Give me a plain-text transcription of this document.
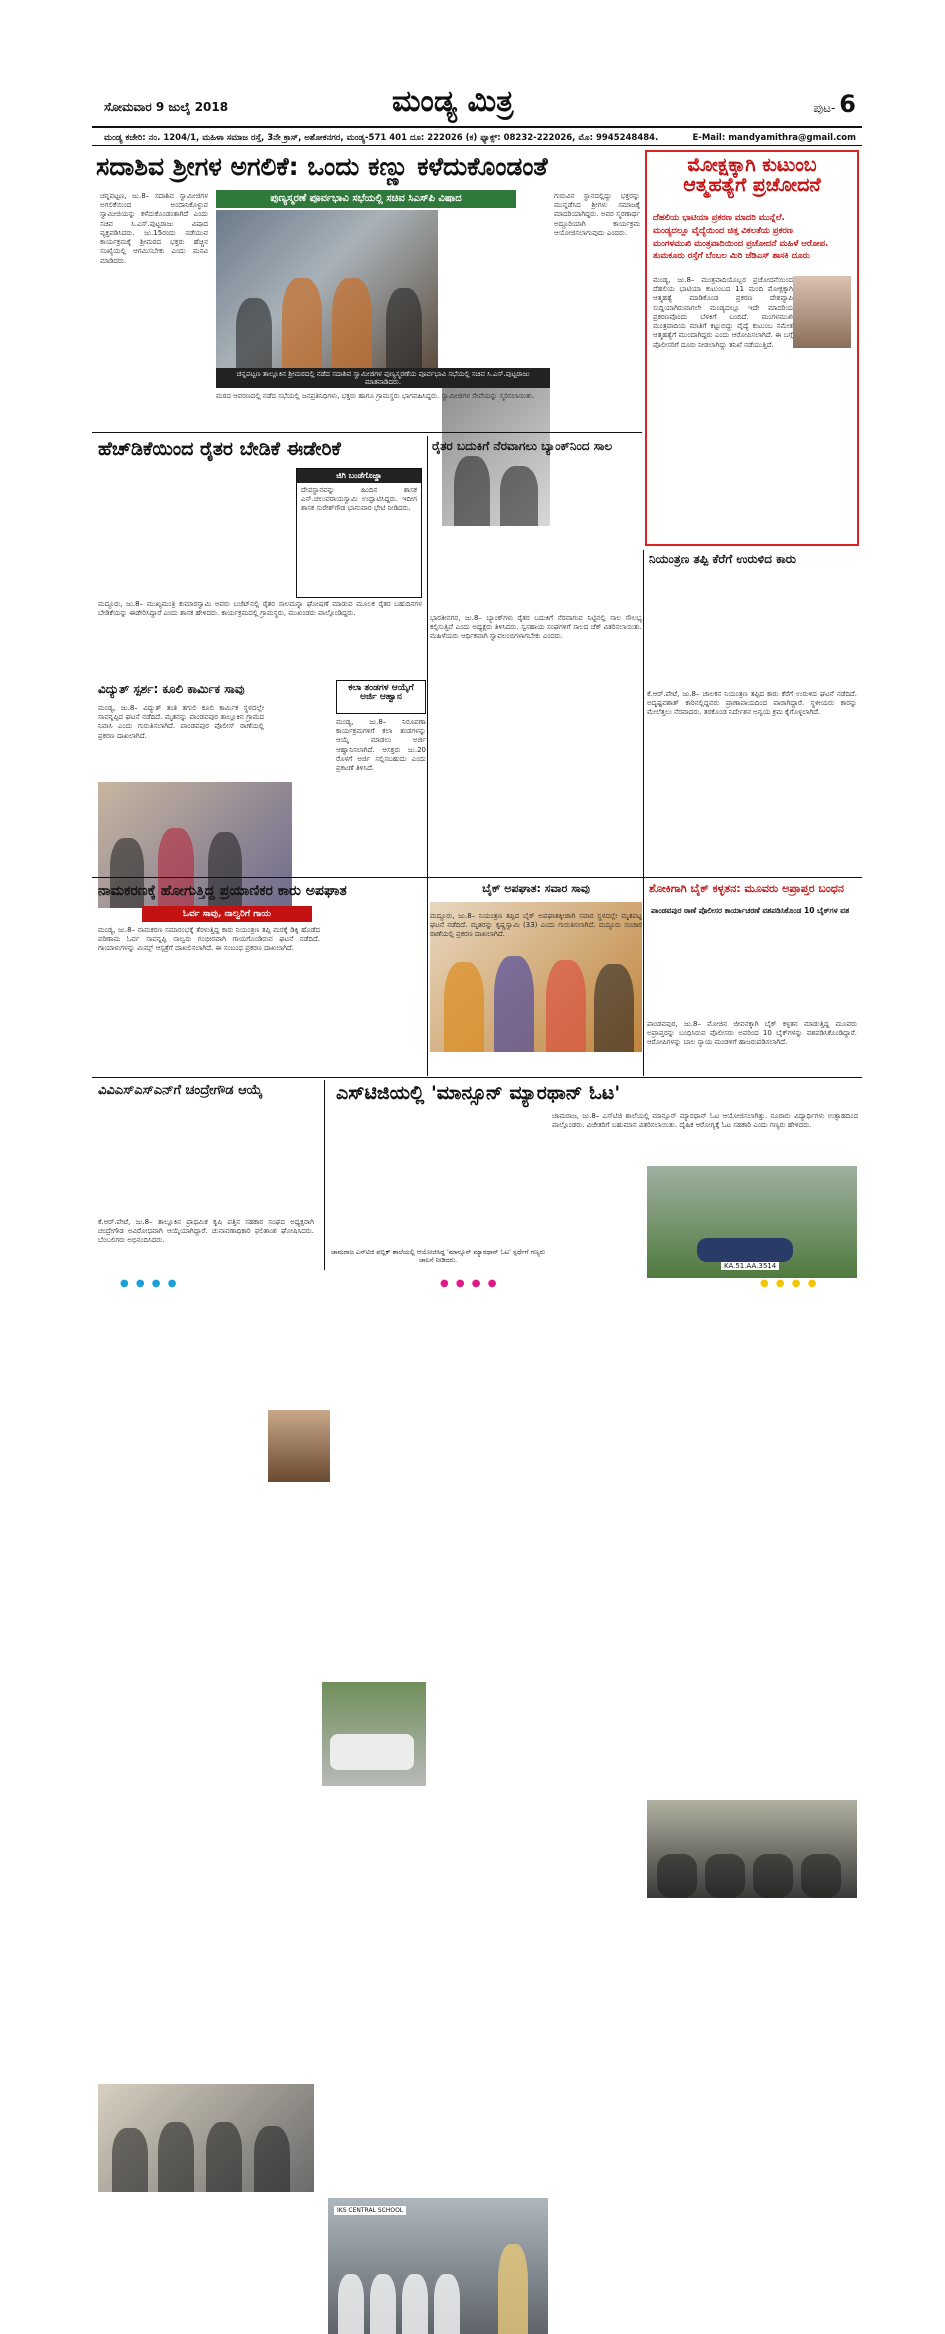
ಸೋಮವಾರ 9 ಜುಲೈ 2018	ಮಂಡ್ಯ ಮಿತ್ರ	ಪುಟ- 6
ಮಂಡ್ಯ ಕಚೇರಿ: ನಂ. 1204/1, ಮಹಿಳಾ ಸಮಾಜ ರಸ್ತೆ, 3ನೇ ಕ್ರಾಸ್, ಅಶೋಕನಗರ, ಮಂಡ್ಯ-571 401 ದೂ: 222026 (ಕ) ಫ್ಯಾಕ್ಸ್: 08232-222026, ಮೊ: 9945248484.	E-Mail: mandyamithra@gmail.com
ಸದಾಶಿವ ಶ್ರೀಗಳ ಅಗಲಿಕೆ: ಒಂದು ಕಣ್ಣು ಕಳೆದುಕೊಂಡಂತೆ
ಪುಣ್ಯಸ್ಮರಣೆ ಪೂರ್ವಭಾವಿ ಸಭೆಯಲ್ಲಿ ಸಚಿವ ಸಿಎಸ್‌ಪಿ ವಿಷಾದ
ಚನ್ನಪಟ್ಟಣ, ಜು.8– ಸದಾಶಿವ ಸ್ವಾಮೀಜಿಗಳ ಅಗಲಿಕೆಯಿಂದ ಅಂದಾನಿಕೊಳ್ಳುವ ಸ್ವಾಮೀಜಿಯನ್ನು ಕಳೆದುಕೊಂಡಂತಾಗಿದೆ ಎಂದು ಸಚಿವ ಸಿ.ಎಸ್.ಪುಟ್ಟರಾಜು ವಿಷಾದ ವ್ಯಕ್ತಪಡಿಸಿದರು. ಜು.15ರಂದು ನಡೆಯುವ ಕಾರ್ಯಕ್ರಮಕ್ಕೆ ಶ್ರೀಮಠದ ಭಕ್ತರು ಹೆಚ್ಚಿನ ಸಂಖ್ಯೆಯಲ್ಲಿ ಆಗಮಿಸಬೇಕು ಎಂದು ಮನವಿ ಮಾಡಿದರು.
ಚನ್ನಪಟ್ಟಣ ತಾಲ್ಲೂಕಿನ ಶ್ರೀಮಠದಲ್ಲಿ ನಡೆದ ಸದಾಶಿವ ಸ್ವಾಮೀಜಿಗಳ ಪುಣ್ಯಸ್ಮರಣೆಯ ಪೂರ್ವಭಾವಿ ಸಭೆಯಲ್ಲಿ ಸಚಿವ ಸಿ.ಎಸ್.ಪುಟ್ಟರಾಜು ಮಾತನಾಡಿದರು.
ಮಠದ ಆವರಣದಲ್ಲಿ ನಡೆದ ಸಭೆಯಲ್ಲಿ ಜನಪ್ರತಿನಿಧಿಗಳು, ಭಕ್ತರು ಹಾಗೂ ಗ್ರಾಮಸ್ಥರು ಭಾಗವಹಿಸಿದ್ದರು. ಸ್ವಾಮೀಜಿಗಳ ಸೇವೆಯನ್ನು ಸ್ಮರಿಸಲಾಯಿತು.
ಗುರುವಿನ ಸ್ಥಾನದಲ್ಲಿದ್ದು ಭಕ್ತರನ್ನು ಮುನ್ನಡೆಸಿದ ಶ್ರೀಗಳು ಸಮಾಜಕ್ಕೆ ಮಾದರಿಯಾಗಿದ್ದರು. ಅವರ ಸ್ಮರಣಾರ್ಥ ಅದ್ದೂರಿಯಾಗಿ ಕಾರ್ಯಕ್ರಮ ಆಯೋಜಿಸಲಾಗುವುದು ಎಂದರು.
ಮೋಕ್ಷಕ್ಕಾಗಿ ಕುಟುಂಬ ಆತ್ಮಹತ್ಯೆಗೆ ಪ್ರಚೋದನೆ
ದೆಹಲಿಯ ಭಾಟಿಯಾ ಪ್ರಕರಣ ಮಾದರಿ ಮುನ್ನೆಲೆ.
ಮಂಡ್ಯದಲ್ಲೂ ವೈದ್ಯೆಯಿಂದ ಚಿತ್ತ ವಿಕಲತೆಯ ಪ್ರಕರಣ
ಮಂಗಳಮುಖಿ ಮಂತ್ರವಾದಿಯಿಂದ ಪ್ರಚೋದನೆ ಮಹಿಳೆ ಆರೋಪ.
ತುಮಕೂರು ರಸ್ತೆಗೆ ಬೆಂಬಲ ಮಿರಿ ಜೆಡಿಎಸ್ ಶಾಸಕಿ ದೂರು
ಮಂಡ್ಯ, ಜು.8– ಮಂತ್ರವಾದಿಯೊಬ್ಬರ ಪ್ರಚೋದನೆಯಿಂದ ದೆಹಲಿಯ ಭಾಟಿಯಾ ಕುಟುಂಬದ 11 ಮಂದಿ ಮೋಕ್ಷಕ್ಕಾಗಿ ಆತ್ಮಹತ್ಯೆ ಮಾಡಿಕೊಂಡ ಪ್ರಕರಣ ದೇಶವ್ಯಾಪಿ ಸುದ್ದಿಯಾಗಿರುವಾಗಲೇ ಮಂಡ್ಯದಲ್ಲೂ ಇದೇ ಮಾದರಿಯ ಪ್ರಕರಣವೊಂದು ಬೆಳಕಿಗೆ ಬಂದಿದೆ. ಮಂಗಳಮುಖಿ ಮಂತ್ರವಾದಿಯ ಮಾತಿಗೆ ಕಟ್ಟುಬಿದ್ದು ವೈದ್ಯೆ ಕುಟುಂಬ ಸಮೇತ ಆತ್ಮಹತ್ಯೆಗೆ ಮುಂದಾಗಿದ್ದರು ಎಂದು ಆರೋಪಿಸಲಾಗಿದೆ. ಈ ಬಗ್ಗೆ ಪೊಲೀಸರಿಗೆ ದೂರು ನೀಡಲಾಗಿದ್ದು ತನಿಖೆ ನಡೆಯುತ್ತಿದೆ.
ಹೆಚ್‌ಡಿಕೆಯಿಂದ ರೈತರ ಬೇಡಿಕೆ ಈಡೇರಿಕೆ
ಜಿಗಿ ಬಂಡೆಗೊಜ್ಡಾ
ದೇವಸ್ಥಾನವನ್ನು ಹಿಂದಿನ ಶಾಸಕ ಎನ್.ಚಲುವರಾಯಸ್ವಾಮಿ ಉದ್ಘಾಟಿಸಿದ್ದರು. ಇದೀಗ ಶಾಸಕ ಸುರೇಶ್‌ಗೌಡ ಭಾನುವಾರ ಭೇಟಿ ನೀಡಿದರು.
ಮದ್ದೂರು, ಜು.8– ಮುಖ್ಯಮಂತ್ರಿ ಕುಮಾರಸ್ವಾಮಿ ಅವರು ಬಜೆಟ್‌ನಲ್ಲಿ ರೈತರ ಸಾಲಮನ್ನಾ ಘೋಷಣೆ ಮಾಡುವ ಮೂಲಕ ರೈತರ ಬಹುದಿನಗಳ ಬೇಡಿಕೆಯನ್ನು ಈಡೇರಿಸಿದ್ದಾರೆ ಎಂದು ಶಾಸಕ ಹೇಳಿದರು. ಕಾರ್ಯಕ್ರಮದಲ್ಲಿ ಗ್ರಾಮಸ್ಥರು, ಮುಖಂಡರು ಪಾಲ್ಗೊಂಡಿದ್ದರು.
ರೈತರ ಬದುಕಿಗೆ ನೆರವಾಗಲು ಬ್ಯಾಂಕ್‌ನಿಂದ ಸಾಲ
ಭಾರತೀನಗರ, ಜು.8– ಬ್ಯಾಂಕ್‌ಗಳು ರೈತರ ಬದುಕಿಗೆ ನೆರವಾಗುವ ನಿಟ್ಟಿನಲ್ಲಿ ಸಾಲ ಸೌಲಭ್ಯ ಕಲ್ಪಿಸುತ್ತಿವೆ ಎಂದು ಅಧ್ಯಕ್ಷರು ತಿಳಿಸಿದರು. ಸ್ವಸಹಾಯ ಸಂಘಗಳಿಗೆ ಸಾಲದ ಚೆಕ್‌ ವಿತರಿಸಲಾಯಿತು. ಮಹಿಳೆಯರು ಆರ್ಥಿಕವಾಗಿ ಸ್ವಾವಲಂಬಿಗಳಾಗಬೇಕು ಎಂದರು.
ನಿಯಂತ್ರಣ ತಪ್ಪಿ ಕೆರೆಗೆ ಉರುಳಿದ ಕಾರು
KA.51.AA.3514
ಕೆ.ಆರ್.ಪೇಟೆ, ಜು.8– ಚಾಲಕನ ನಿಯಂತ್ರಣ ತಪ್ಪಿದ ಕಾರು ಕೆರೆಗೆ ಉರುಳಿದ ಘಟನೆ ನಡೆದಿದೆ. ಅದೃಷ್ಟವಶಾತ್ ಕಾರಿನಲ್ಲಿದ್ದವರು ಪ್ರಾಣಾಪಾಯದಿಂದ ಪಾರಾಗಿದ್ದಾರೆ. ಸ್ಥಳೀಯರು ಕಾರನ್ನು ಮೇಲೆತ್ತಲು ನೆರವಾದರು. ತರಕೊಂಡ ನಿರ್ದೇಶನ ಅನ್ವಯ ಕ್ರಮ ಕೈಗೊಳ್ಳಲಾಗಿದೆ.
ವಿದ್ಯುತ್ ಸ್ಪರ್ಶ: ಕೂಲಿ ಕಾರ್ಮಿಕ ಸಾವು
ಮಂಡ್ಯ, ಜು.8– ವಿದ್ಯುತ್ ತಂತಿ ತಗುಲಿ ಕೂಲಿ ಕಾರ್ಮಿಕ ಸ್ಥಳದಲ್ಲೇ ಸಾವನ್ನಪ್ಪಿದ ಘಟನೆ ನಡೆದಿದೆ. ಮೃತನನ್ನು ಪಾಂಡವಪುರ ತಾಲ್ಲೂಕಿನ ಗ್ರಾಮದ ನಿವಾಸಿ ಎಂದು ಗುರುತಿಸಲಾಗಿದೆ. ಪಾಂಡವಪುರ ಪೊಲೀಸ್ ಠಾಣೆಯಲ್ಲಿ ಪ್ರಕರಣ ದಾಖಲಾಗಿದೆ.
ಕಲಾ ತಂಡಗಳ ಆಯ್ಕೆಗೆ ಅರ್ಜಿ ಆಹ್ವಾನ
ಮಂಡ್ಯ, ಜು.8– ನಿರೂಪಣಾ ಕಾರ್ಯಕ್ರಮಗಳಿಗೆ ಕಲಾ ತಂಡಗಳನ್ನು ಆಯ್ಕೆ ಮಾಡಲು ಅರ್ಜಿ ಆಹ್ವಾನಿಸಲಾಗಿದೆ. ಆಸಕ್ತರು ಜು.20 ರೊಳಗೆ ಅರ್ಜಿ ಸಲ್ಲಿಸಬಹುದು ಎಂದು ಪ್ರಕಟಣೆ ತಿಳಿಸಿದೆ.
ನಾಮಕರಣಕ್ಕೆ ಹೋಗುತ್ತಿದ್ದ ಪ್ರಯಾಣಿಕರ ಕಾರು ಅಪಘಾತ
ಓರ್ವ ಸಾವು, ನಾಲ್ವರಿಗೆ ಗಾಯ
ಮಂಡ್ಯ, ಜು.8– ನಾಮಕರಣ ಸಮಾರಂಭಕ್ಕೆ ತೆರಳುತ್ತಿದ್ದ ಕಾರು ನಿಯಂತ್ರಣ ತಪ್ಪಿ ಮರಕ್ಕೆ ಡಿಕ್ಕಿ ಹೊಡೆದ ಪರಿಣಾಮ ಓರ್ವ ಸಾವನ್ನಪ್ಪಿ ನಾಲ್ವರು ಗಂಭೀರವಾಗಿ ಗಾಯಗೊಂಡಿರುವ ಘಟನೆ ನಡೆದಿದೆ. ಗಾಯಾಳುಗಳನ್ನು ಮಿಮ್ಸ್ ಆಸ್ಪತ್ರೆಗೆ ದಾಖಲಿಸಲಾಗಿದೆ. ಈ ಸಂಬಂಧ ಪ್ರಕರಣ ದಾಖಲಾಗಿದೆ.
ಬೈಕ್ ಅಪಘಾತ: ಸವಾರ ಸಾವು
ಮದ್ದೂರು, ಜು.8– ನಿಯಂತ್ರಣ ತಪ್ಪಿದ ಬೈಕ್ ಅಪಘಾತಕ್ಕೀಡಾಗಿ ಸವಾರ ಸ್ಥಳದಲ್ಲೇ ಮೃತಪಟ್ಟ ಘಟನೆ ನಡೆದಿದೆ. ಮೃತರನ್ನು ಕೃಷ್ಣಸ್ವಾಮಿ (33) ಎಂದು ಗುರುತಿಸಲಾಗಿದೆ. ಮದ್ದೂರು ಸಂಚಾರ ಠಾಣೆಯಲ್ಲಿ ಪ್ರಕರಣ ದಾಖಲಾಗಿದೆ.
ಶೋಕಿಗಾಗಿ ಬೈಕ್ ಕಳ್ಳತನ: ಮೂವರು ಅಪ್ರಾಪ್ತರ ಬಂಧನ
ಪಾಂಡವಪುರ ಠಾಣೆ ಪೊಲೀಸರ ಕಾರ್ಯಾಚರಣೆ ವಶಪಡಿಸಿಕೊಂಡ 10 ಬೈಕ್‌ಗಳ ವಶ
ಪಾಂಡವಪುರ, ಜು.8– ಮೋಜಿನ ಜೀವನಕ್ಕಾಗಿ ಬೈಕ್ ಕಳ್ಳತನ ಮಾಡುತ್ತಿದ್ದ ಮೂವರು ಅಪ್ರಾಪ್ತರನ್ನು ಬಂಧಿಸಿರುವ ಪೊಲೀಸರು ಅವರಿಂದ 10 ಬೈಕ್‌ಗಳನ್ನು ವಶಪಡಿಸಿಕೊಂಡಿದ್ದಾರೆ. ಆರೋಪಿಗಳನ್ನು ಬಾಲ ನ್ಯಾಯ ಮಂಡಳಿಗೆ ಹಾಜರುಪಡಿಸಲಾಗಿದೆ.
ವಿವಿಎಸ್‌ಎಸ್‌ಎನ್‌ಗೆ ಚಂದ್ರೇಗೌಡ ಆಯ್ಕೆ
ಕೆ.ಆರ್.ಪೇಟೆ, ಜು.8– ತಾಲ್ಲೂಕಿನ ಪ್ರಾಥಮಿಕ ಕೃಷಿ ಪತ್ತಿನ ಸಹಕಾರ ಸಂಘದ ಅಧ್ಯಕ್ಷರಾಗಿ ಚಂದ್ರೇಗೌಡ ಅವಿರೋಧವಾಗಿ ಆಯ್ಕೆಯಾಗಿದ್ದಾರೆ. ಚುನಾವಣಾಧಿಕಾರಿ ಫಲಿತಾಂಶ ಘೋಷಿಸಿದರು. ಬೆಂಬಲಿಗರು ಅಭಿನಂದಿಸಿದರು.
ಎಸ್‌ಟಿಜಿಯಲ್ಲಿ 'ಮಾನ್ಸೂನ್ ಮ್ಯಾರಥಾನ್ ಓಟ'
IKS CENTRAL SCHOOL
ಚಾಮರಾಜ ಎಸ್‌ಟಿಜಿ ಪಬ್ಲಿಕ್ ಶಾಲೆಯಲ್ಲಿ ಆಯೋಜಿಸಿದ್ದ 'ಮಾನ್ಸೂನ್ ಮ್ಯಾರಥಾನ್ ಓಟ' ಸ್ಪರ್ಧೆಗೆ ಗಣ್ಯರು ಚಾಲನೆ ನೀಡಿದರು.
ಚಾಮರಾಜ, ಜು.8– ಎಸ್‌ಟಿಜಿ ಶಾಲೆಯಲ್ಲಿ ಮಾನ್ಸೂನ್ ಮ್ಯಾರಥಾನ್ ಓಟ ಆಯೋಜಿಸಲಾಗಿತ್ತು. ನೂರಾರು ವಿದ್ಯಾರ್ಥಿಗಳು ಉತ್ಸಾಹದಿಂದ ಪಾಲ್ಗೊಂಡರು. ವಿಜೇತರಿಗೆ ಬಹುಮಾನ ವಿತರಿಸಲಾಯಿತು. ದೈಹಿಕ ಆರೋಗ್ಯಕ್ಕೆ ಓಟ ಸಹಕಾರಿ ಎಂದು ಗಣ್ಯರು ಹೇಳಿದರು.
● ● ● ●	● ● ● ●	● ● ● ●
